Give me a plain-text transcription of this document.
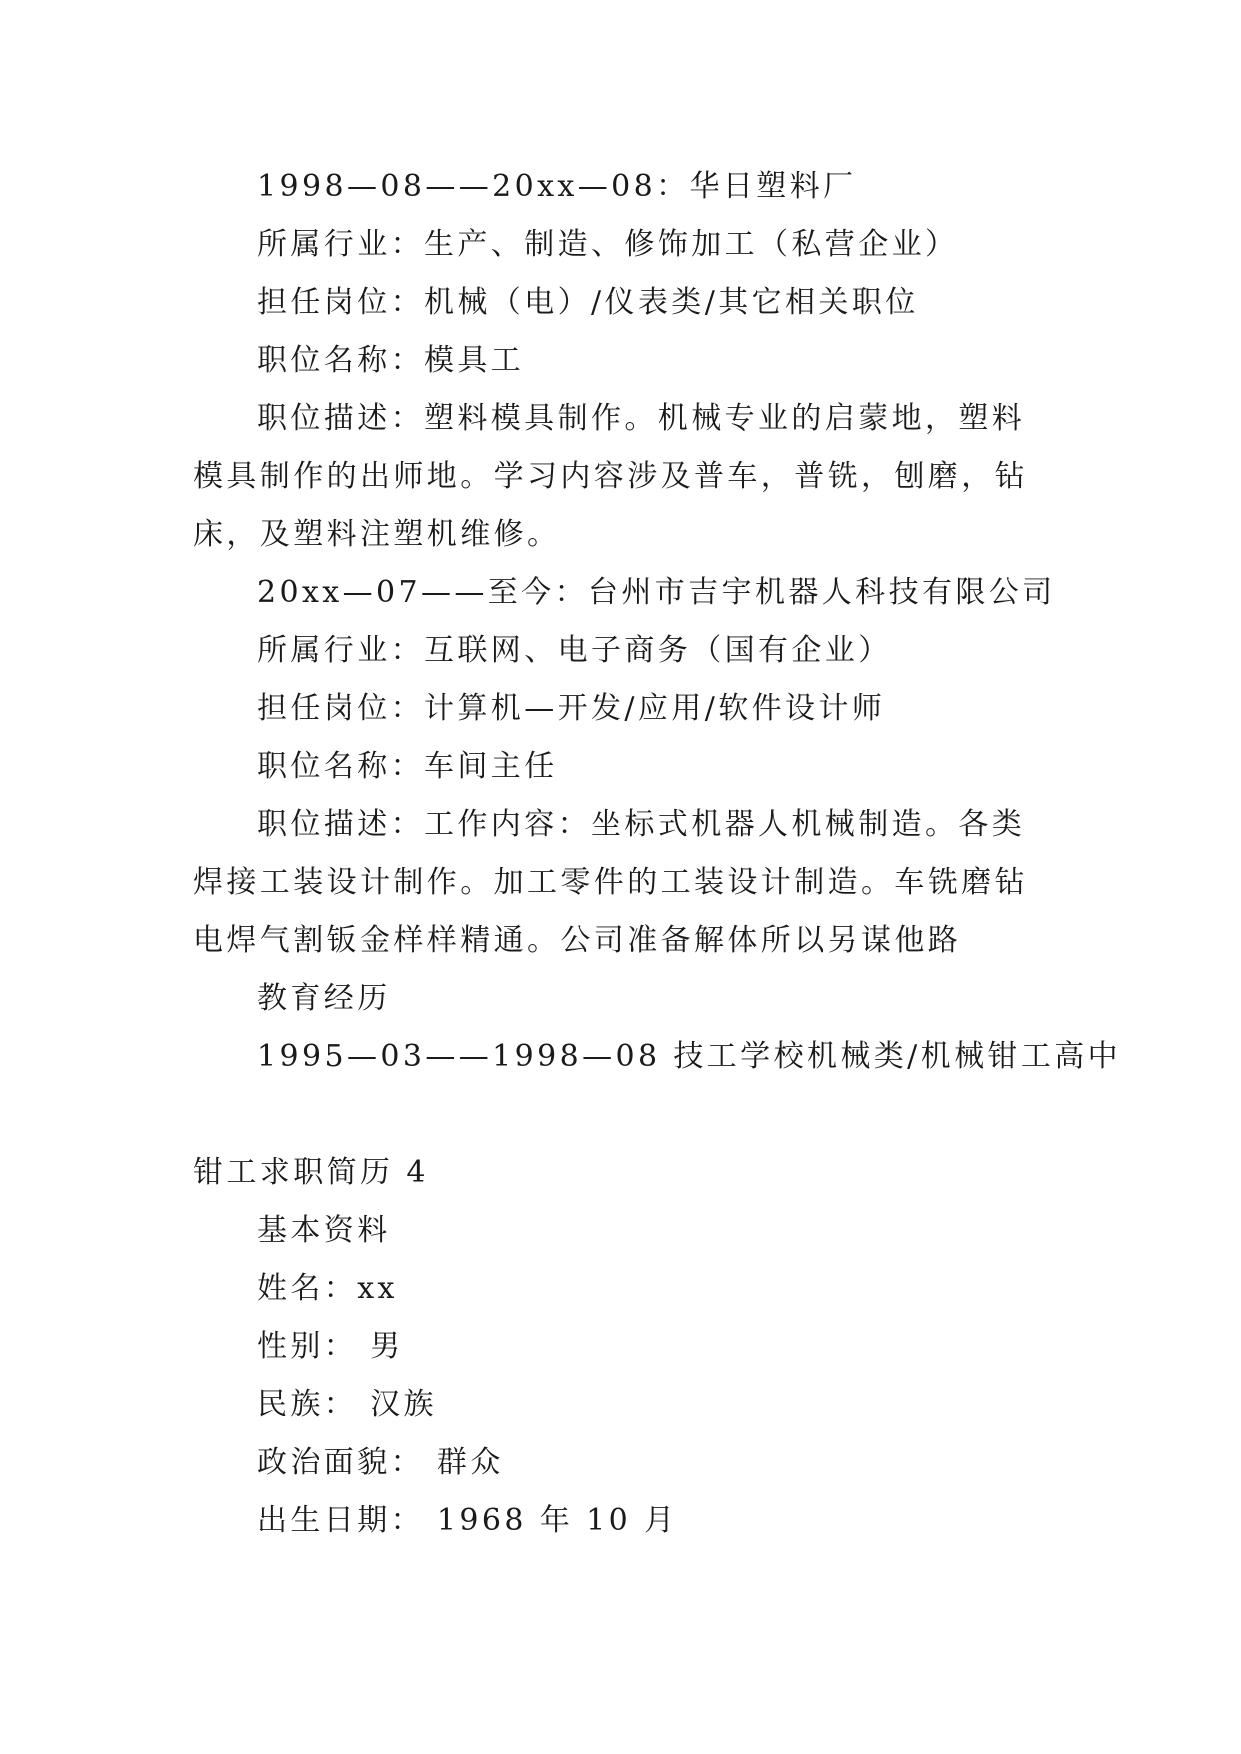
1998—08——20xx—08：华日塑料厂

所属行业：生产、制造、修饰加工（私营企业）

担任岗位：机械（电）/仪表类/其它相关职位

职位名称：模具工

职位描述：塑料模具制作。机械专业的启蒙地，塑料模具制作的出师地。学习内容涉及普车，普铣，刨磨，钻床，及塑料注塑机维修。

20xx—07——至今：台州市吉宇机器人科技有限公司

所属行业：互联网、电子商务（国有企业）

担任岗位：计算机—开发/应用/软件设计师

职位名称：车间主任

职位描述：工作内容：坐标式机器人机械制造。各类焊接工装设计制作。加工零件的工装设计制造。车铣磨钻电焊气割钣金样样精通。公司准备解体所以另谋他路

教育经历

1995—03——1998—08 技工学校机械类/机械钳工高中

钳工求职简历 4

基本资料

姓名：xx

性别： 男

民族： 汉族

政治面貌： 群众

出生日期： 1968 年 10 月
